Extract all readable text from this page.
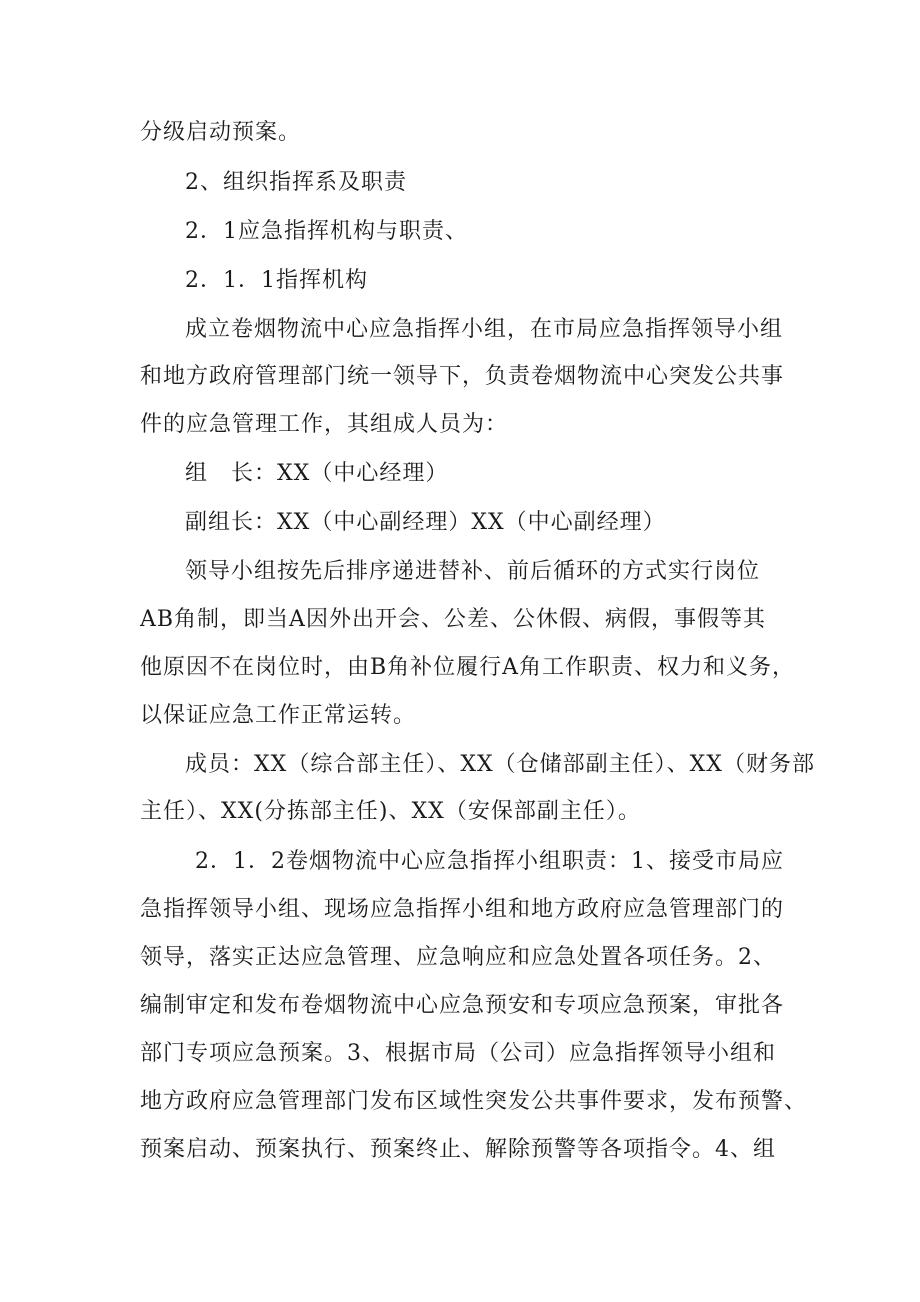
分级启动预案。
2、组织指挥系及职责
2．1应急指挥机构与职责、
2．1．1指挥机构
成立卷烟物流中心应急指挥小组，在市局应急指挥领导小组
和地方政府管理部门统一领导下，负责卷烟物流中心突发公共事
件的应急管理工作，其组成人员为：
组　长：XX（中心经理）
副组长：XX（中心副经理）XX（中心副经理）
领导小组按先后排序递进替补、前后循环的方式实行岗位
AB角制，即当A因外出开会、公差、公休假、病假，事假等其
他原因不在岗位时，由B角补位履行A角工作职责、权力和义务，
以保证应急工作正常运转。
成员：XX（综合部主任）、XX（仓储部副主任）、XX（财务部
主任）、XX(分拣部主任)、XX（安保部副主任）。
2．1．2卷烟物流中心应急指挥小组职责：1、接受市局应
急指挥领导小组、现场应急指挥小组和地方政府应急管理部门的
领导，落实正达应急管理、应急响应和应急处置各项任务。2、
编制审定和发布卷烟物流中心应急预安和专项应急预案，审批各
部门专项应急预案。3、根据市局（公司）应急指挥领导小组和
地方政府应急管理部门发布区域性突发公共事件要求，发布预警、
预案启动、预案执行、预案终止、解除预警等各项指令。4、组
